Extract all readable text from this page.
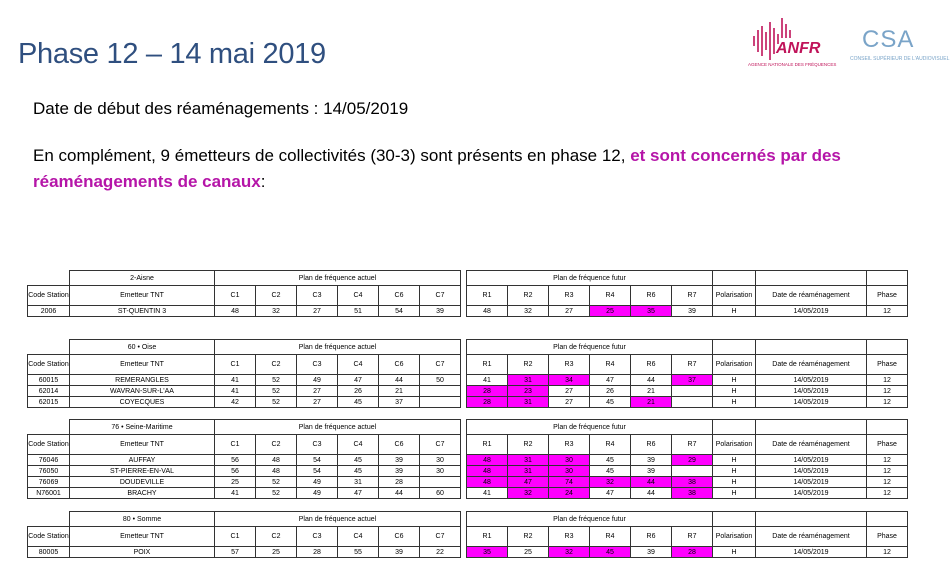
Phase 12 – 14 mai 2019	ANFR
AGENCE NATIONALE DES FRÉQUENCES
CSA
CONSEIL SUPÉRIEUR DE L'AUDIOVISUEL
Date de début des réaménagements : 14/05/2019
En complément, 9 émetteurs de collectivités (30-3) sont présents en phase 12, et sont concernés par des réaménagements de canaux:
	2-Aisne	Plan de fréquence actuel							Plan de fréquence futur								
Code Station	Emetteur TNT	C1	C2	C3	C4	C6	C7		R1	R2	R3	R4	R6	R7	Polarisation	Date de réaménagement	Phase
2006	ST-QUENTIN 3	48	32	27	51	54	39		48	32	27	25	35	39	H	14/05/2019	12
	60 • Oise	Plan de fréquence actuel							Plan de fréquence futur								
Code Station	Emetteur TNT	C1	C2	C3	C4	C6	C7		R1	R2	R3	R4	R6	R7	Polarisation	Date de réaménagement	Phase
60015	REMERANGLES	41	52	49	47	44	50		41	31	34	47	44	37	H	14/05/2019	12
62014	WAVRAN-SUR-L'AA	41	52	27	26	21			28	23	27	26	21		H	14/05/2019	12
62015	COYECQUES	42	52	27	45	37			28	31	27	45	21		H	14/05/2019	12
	76 • Seine-Maritime	Plan de fréquence actuel							Plan de fréquence futur								
Code Station	Emetteur TNT	C1	C2	C3	C4	C6	C7		R1	R2	R3	R4	R6	R7	Polarisation	Date de réaménagement	Phase
76046	AUFFAY	56	48	54	45	39	30		48	31	30	45	39	29	H	14/05/2019	12
76050	ST-PIERRE-EN-VAL	56	48	54	45	39	30		48	31	30	45	39		H	14/05/2019	12
76069	DOUDEVILLE	25	52	49	31	28			48	47	74	32	44	38	H	14/05/2019	12
N76001	BRACHY	41	52	49	47	44	60		41	32	24	47	44	38	H	14/05/2019	12
	80 • Somme	Plan de fréquence actuel							Plan de fréquence futur								
Code Station	Emetteur TNT	C1	C2	C3	C4	C6	C7		R1	R2	R3	R4	R6	R7	Polarisation	Date de réaménagement	Phase
80005	POIX	57	25	28	55	39	22		35	25	32	45	39	28	H	14/05/2019	12
